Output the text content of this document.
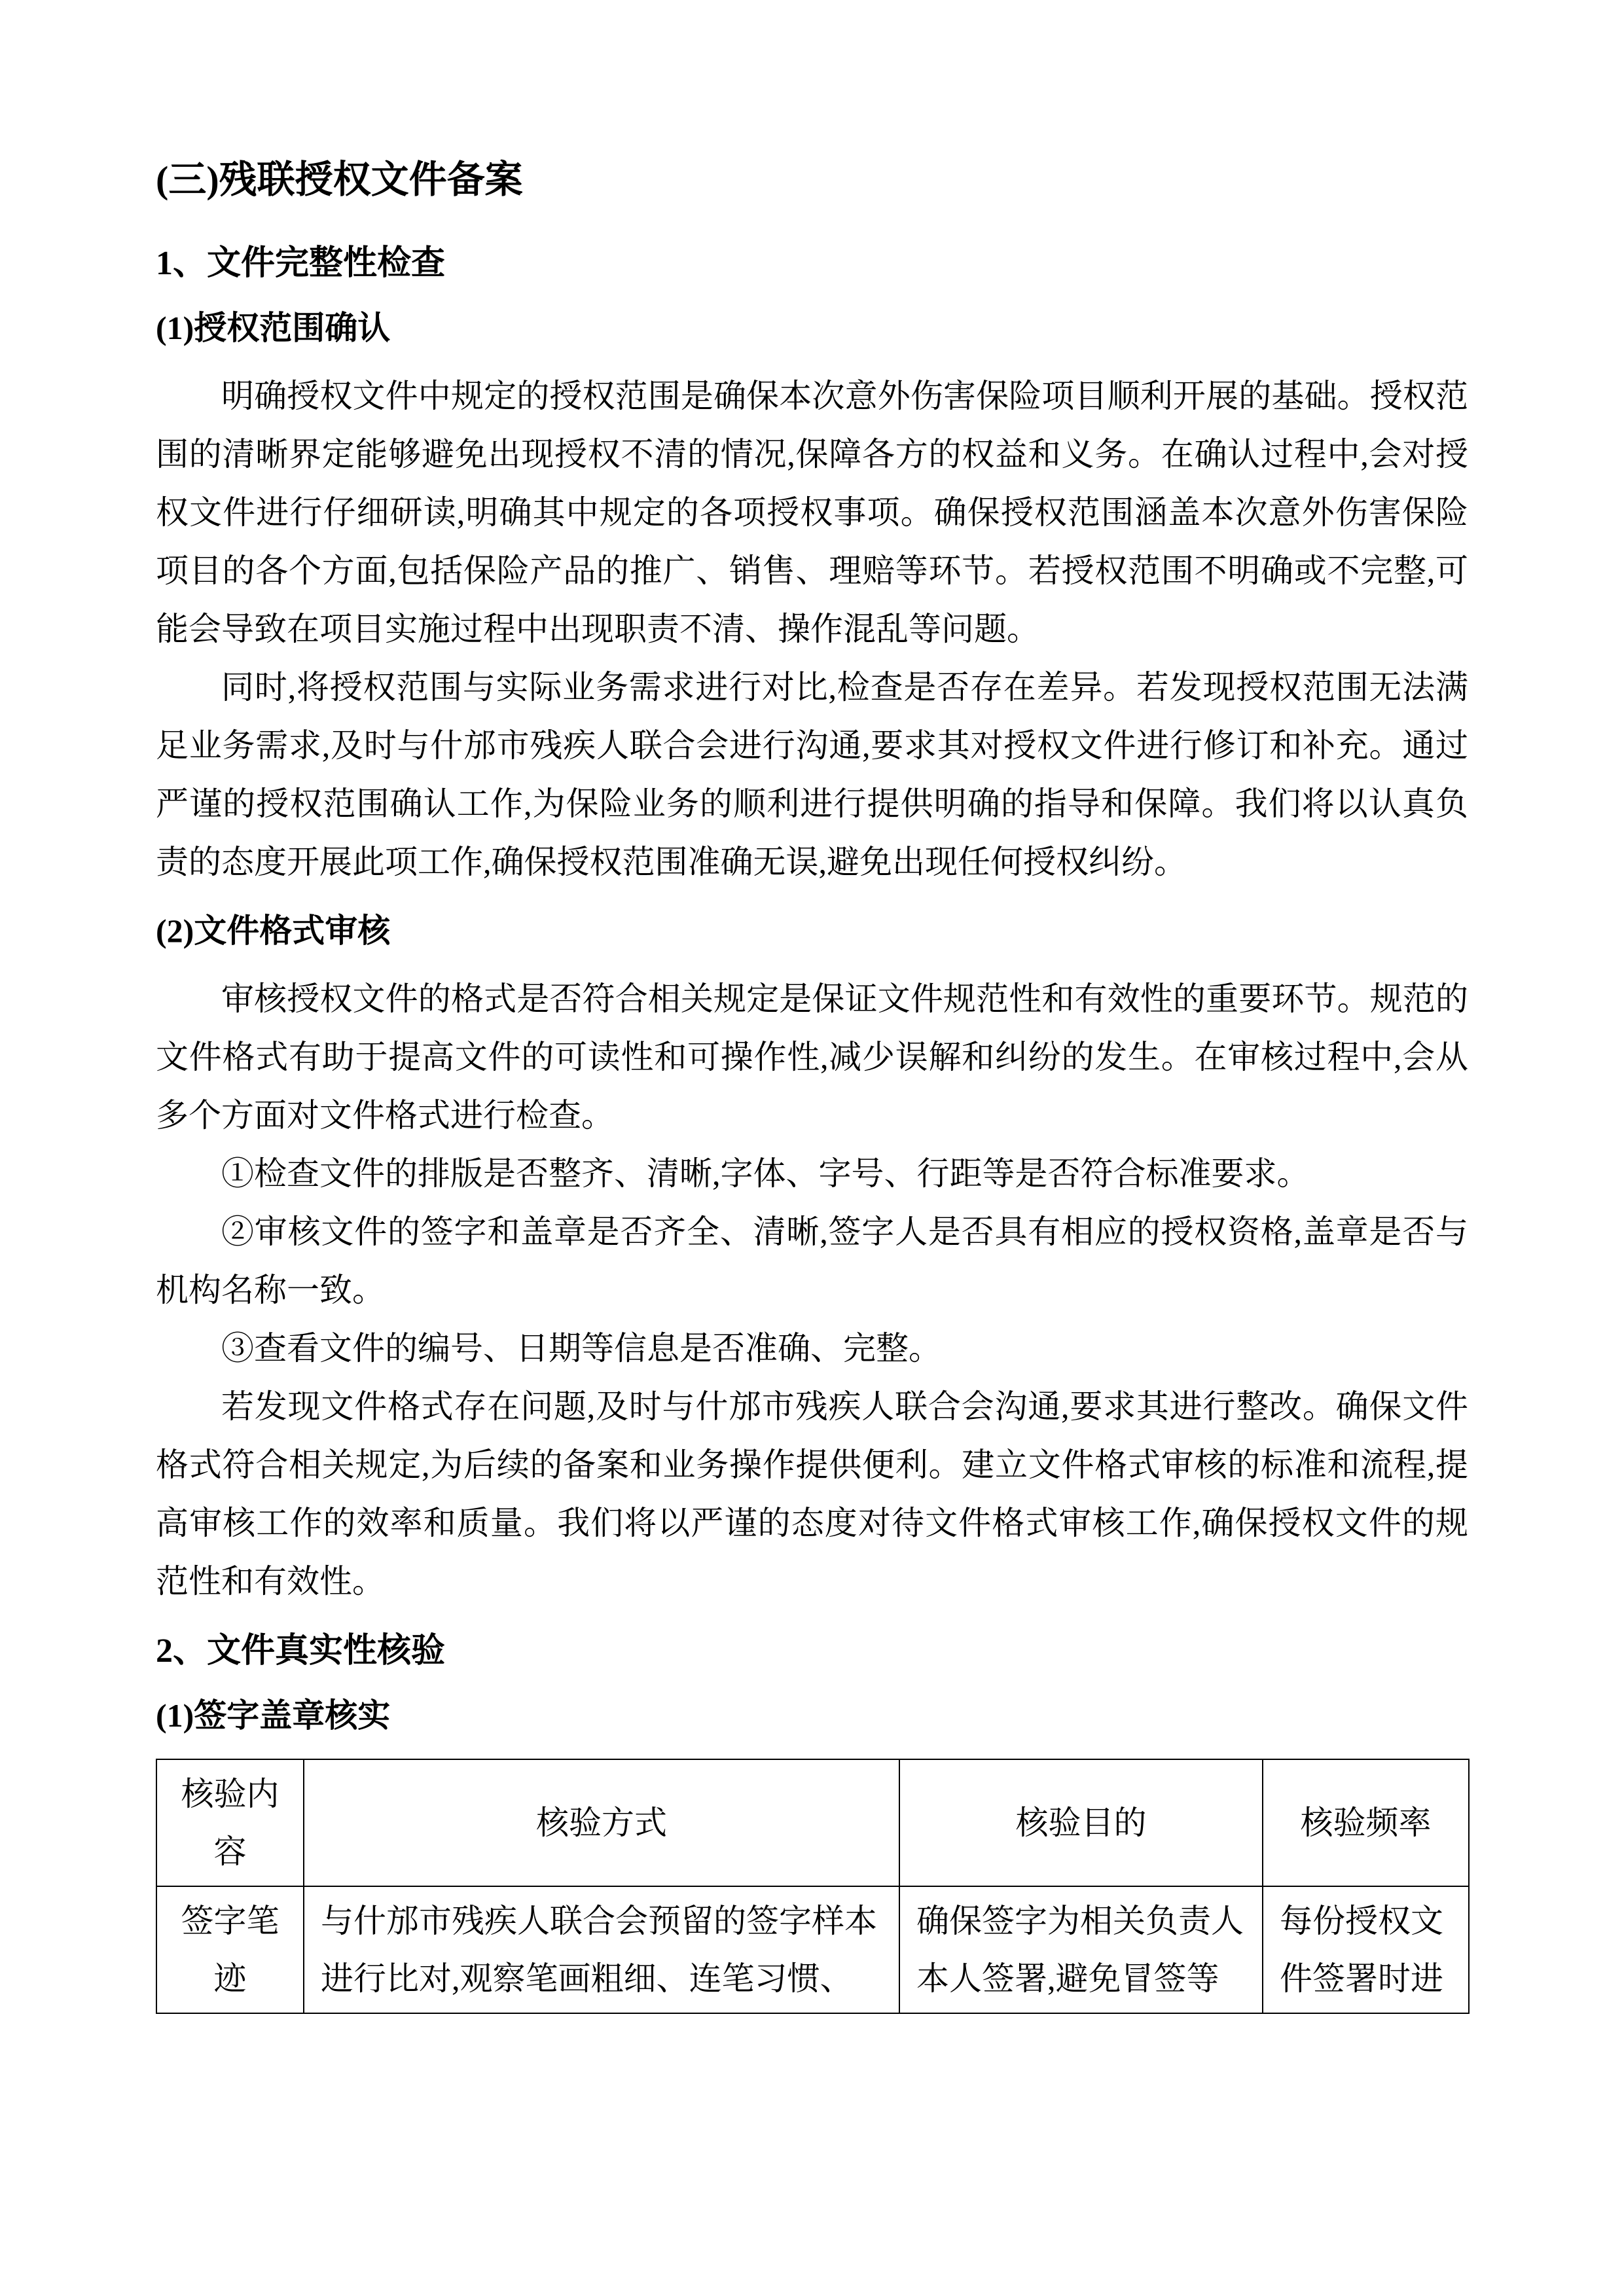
(三)残联授权文件备案
1、文件完整性检查
(1)授权范围确认

明确授权文件中规定的授权范围是确保本次意外伤害保险项目顺利开展的基础。授权范围的清晰界定能够避免出现授权不清的情况,保障各方的权益和义务。在确认过程中,会对授权文件进行仔细研读,明确其中规定的各项授权事项。确保授权范围涵盖本次意外伤害保险项目的各个方面,包括保险产品的推广、销售、理赔等环节。若授权范围不明确或不完整,可能会导致在项目实施过程中出现职责不清、操作混乱等问题。

同时,将授权范围与实际业务需求进行对比,检查是否存在差异。若发现授权范围无法满足业务需求,及时与什邡市残疾人联合会进行沟通,要求其对授权文件进行修订和补充。通过严谨的授权范围确认工作,为保险业务的顺利进行提供明确的指导和保障。我们将以认真负责的态度开展此项工作,确保授权范围准确无误,避免出现任何授权纠纷。

(2)文件格式审核

审核授权文件的格式是否符合相关规定是保证文件规范性和有效性的重要环节。规范的文件格式有助于提高文件的可读性和可操作性,减少误解和纠纷的发生。在审核过程中,会从多个方面对文件格式进行检查。

①检查文件的排版是否整齐、清晰,字体、字号、行距等是否符合标准要求。

②审核文件的签字和盖章是否齐全、清晰,签字人是否具有相应的授权资格,盖章是否与机构名称一致。

③查看文件的编号、日期等信息是否准确、完整。

若发现文件格式存在问题,及时与什邡市残疾人联合会沟通,要求其进行整改。确保文件格式符合相关规定,为后续的备案和业务操作提供便利。建立文件格式审核的标准和流程,提高审核工作的效率和质量。我们将以严谨的态度对待文件格式审核工作,确保授权文件的规范性和有效性。

2、文件真实性核验
(1)签字盖章核实
核验内容	核验方式	核验目的	核验频率
签字笔迹	与什邡市残疾人联合会预留的签字样本进行比对,观察笔画粗细、连笔习惯、	确保签字为相关负责人本人签署,避免冒签等	每份授权文件签署时进
